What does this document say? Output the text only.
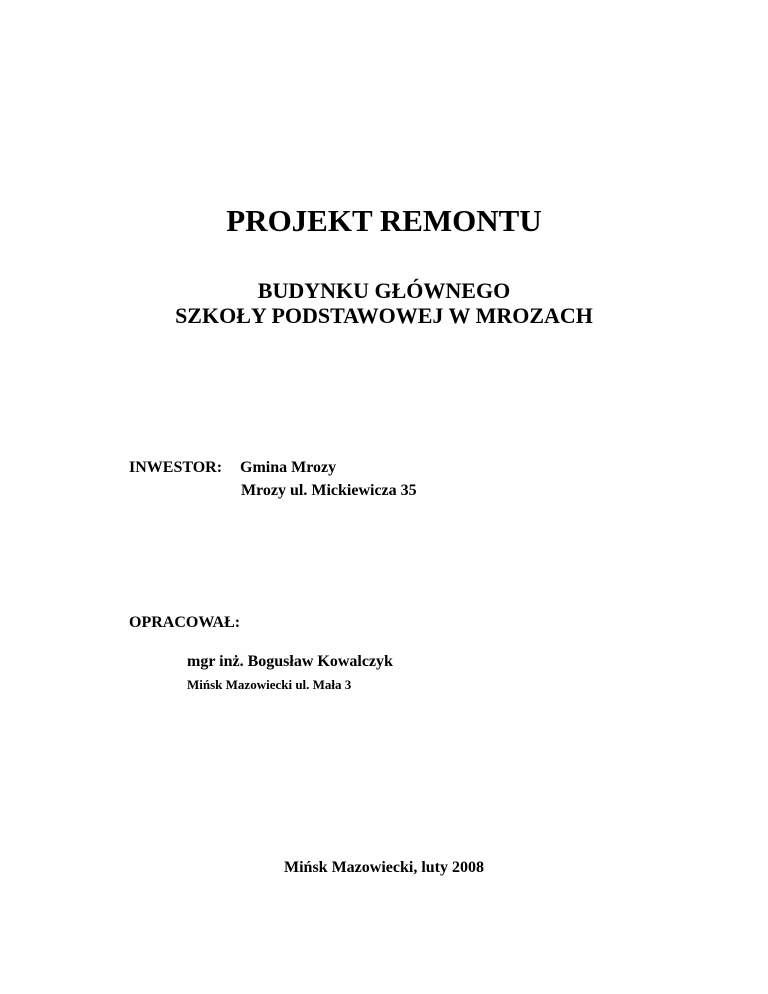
PROJEKT REMONTU
BUDYNKU GŁÓWNEGO
SZKOŁY PODSTAWOWEJ W MROZACH
INWESTOR: Gmina Mrozy
Mrozy ul. Mickiewicza 35
OPRACOWAŁ:
mgr inż. Bogusław Kowalczyk
Mińsk Mazowiecki ul. Mała 3
Mińsk Mazowiecki, luty 2008
